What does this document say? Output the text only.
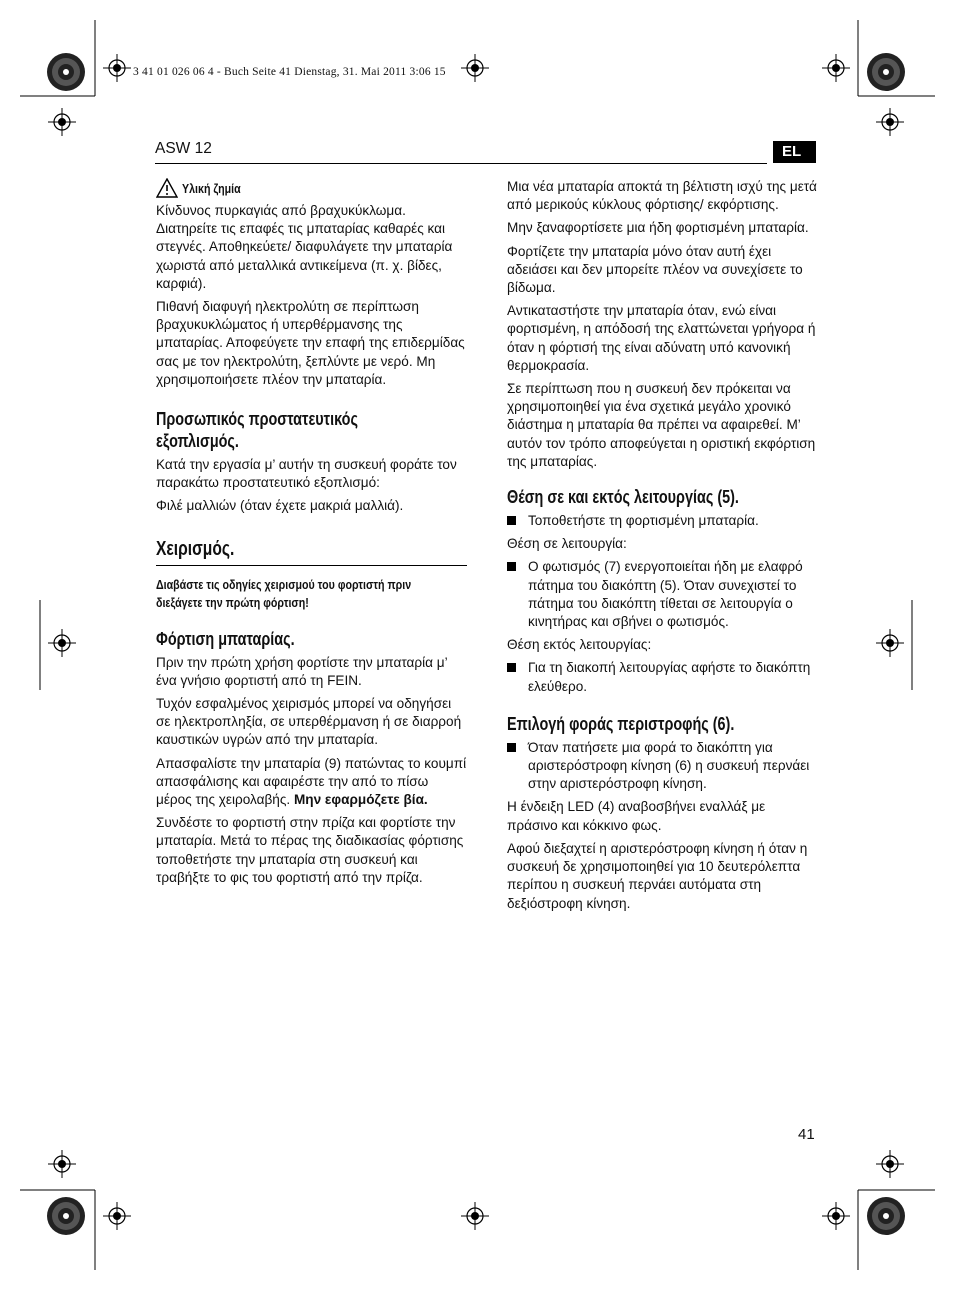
3 41 01 026 06 4 - Buch Seite 41 Dienstag, 31. Mai 2011 3:06 15
ASW 12	EL
Υλική ζημία

Κίνδυνος πυρκαγιάς από βραχυκύκλωμα. Διατηρείτε τις επαφές τις μπαταρίας καθαρές και στεγνές. Αποθηκεύετε/ διαφυλάγετε την μπαταρία χωριστά από μεταλλικά αντικείμενα (π. χ. βίδες, καρφιά).

Πιθανή διαφυγή ηλεκτρολύτη σε περίπτωση βραχυκυκλώματος ή υπερθέρμανσης της μπαταρίας. Αποφεύγετε την επαφή της επιδερμίδας σας με τον ηλεκτρολύτη, ξεπλύντε με νερό. Μη χρησιμοποιήσετε πλέον την μπαταρία.

Προσωπικός προστατευτικός
εξοπλισμός.

Κατά την εργασία μ’ αυτήν τη συσκευή φοράτε τον παρακάτω προστατευτικό εξοπλισμό:

Φιλέ μαλλιών (όταν έχετε μακριά μαλλιά).

Χειρισμός.
Διαβάστε τις οδηγίες χειρισμού του φορτιστή πριν
διεξάγετε την πρώτη φόρτιση!
Φόρτιση μπαταρίας.

Πριν την πρώτη χρήση φορτίστε την μπαταρία μ’ ένα γνήσιο φορτιστή από τη FEIN.

Τυχόν εσφαλμένος χειρισμός μπορεί να οδηγήσει σε ηλεκτροπληξία, σε υπερθέρμανση ή σε διαρροή καυστικών υγρών από την μπαταρία.

Απασφαλίστε την μπαταρία (9) πατώντας το κουμπί απασφάλισης και αφαιρέστε την από το πίσω μέρος της χειρολαβής. Μην εφαρμόζετε βία.

Συνδέστε το φορτιστή στην πρίζα και φορτίστε την μπαταρία. Μετά το πέρας της διαδικασίας φόρτισης τοποθετήστε την μπαταρία στη συσκευή και τραβήξτε το φις του φορτιστή από την πρίζα.

Μια νέα μπαταρία αποκτά τη βέλτιστη ισχύ της μετά από μερικούς κύκλους φόρτισης/ εκφόρτισης.

Μην ξαναφορτίσετε μια ήδη φορτισμένη μπαταρία.

Φορτίζετε την μπαταρία μόνο όταν αυτή έχει αδειάσει και δεν μπορείτε πλέον να συνεχίσετε το βίδωμα.

Αντικαταστήστε την μπαταρία όταν, ενώ είναι φορτισμένη, η απόδοσή της ελαττώνεται γρήγορα ή όταν η φόρτισή της είναι αδύνατη υπό κανονική θερμοκρασία.

Σε περίπτωση που η συσκευή δεν πρόκειται να χρησιμοποιηθεί για ένα σχετικά μεγάλο χρονικό διάστημα η μπαταρία θα πρέπει να αφαιρεθεί. Μ’ αυτόν τον τρόπο αποφεύγεται η οριστική εκφόρτιση της μπαταρίας.

Θέση σε και εκτός λειτουργίας (5).
Τοποθετήστε τη φορτισμένη μπαταρία.

Θέση σε λειτουργία:

Ο φωτισμός (7) ενεργοποιείται ήδη με ελαφρό πάτημα του διακόπτη (5). Όταν συνεχιστεί το πάτημα του διακόπτη τίθεται σε λειτουργία ο κινητήρας και σβήνει ο φωτισμός.

Θέση εκτός λειτουργίας:

Για τη διακοπή λειτουργίας αφήστε το διακόπτη ελεύθερο.
Επιλογή φοράς περιστροφής (6).
Όταν πατήσετε μια φορά το διακόπτη για αριστερόστροφη κίνηση (6) η συσκευή περνάει στην αριστερόστροφη κίνηση.

Η ένδειξη LED (4) αναβοσβήνει εναλλάξ με πράσινο και κόκκινο φως.

Αφού διεξαχτεί η αριστερόστροφη κίνηση ή όταν η συσκευή δε χρησιμοποιηθεί για 10 δευτερόλεπτα περίπου η συσκευή περνάει αυτόματα στη δεξιόστροφη κίνηση.

41
